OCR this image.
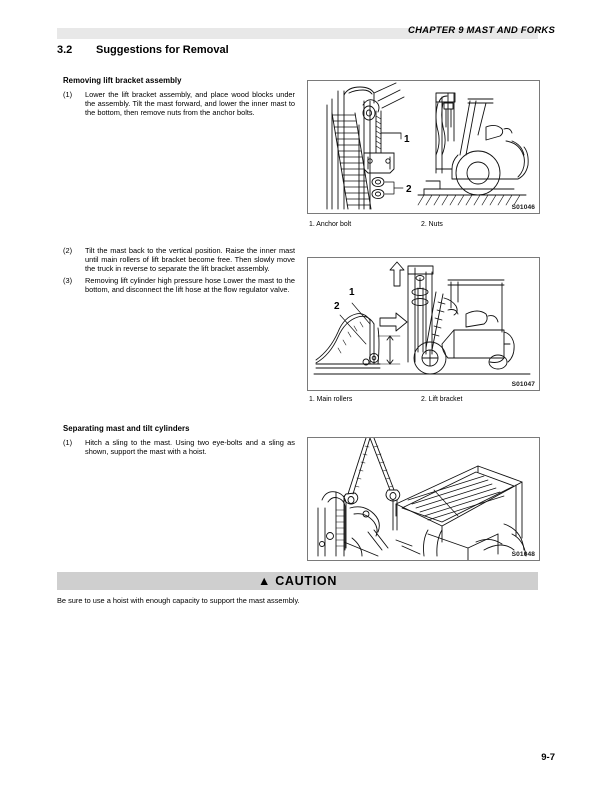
CHAPTER 9 MAST AND FORKS
3.2 Suggestions for Removal
Removing lift bracket assembly
(1)	Lower the lift bracket assembly, and place wood blocks under the assembly. Tilt the mast forward, and lower the inner mast to the bottom, then remove nuts from the anchor bolts.
(2)	Tilt the mast back to the vertical position. Raise the inner mast until main rollers of lift bracket become free. Then slowly move the truck in reverse to separate the lift bracket assembly.
(3)	Removing lift cylinder high pressure hose Lower the mast to the bottom, and disconnect the lift hose at the flow regulator valve.
Separating mast and tilt cylinders
(1)	Hitch a sling to the mast. Using two eye-bolts and a sling as shown, support the mast with a hoist.
1
2
S01046
1. Anchor bolt	2. Nuts
1
2
S01047
1. Main rollers	2. Lift bracket
S01048
▲ CAUTION
Be sure to use a hoist with enough capacity to support the mast assembly.
9-7
